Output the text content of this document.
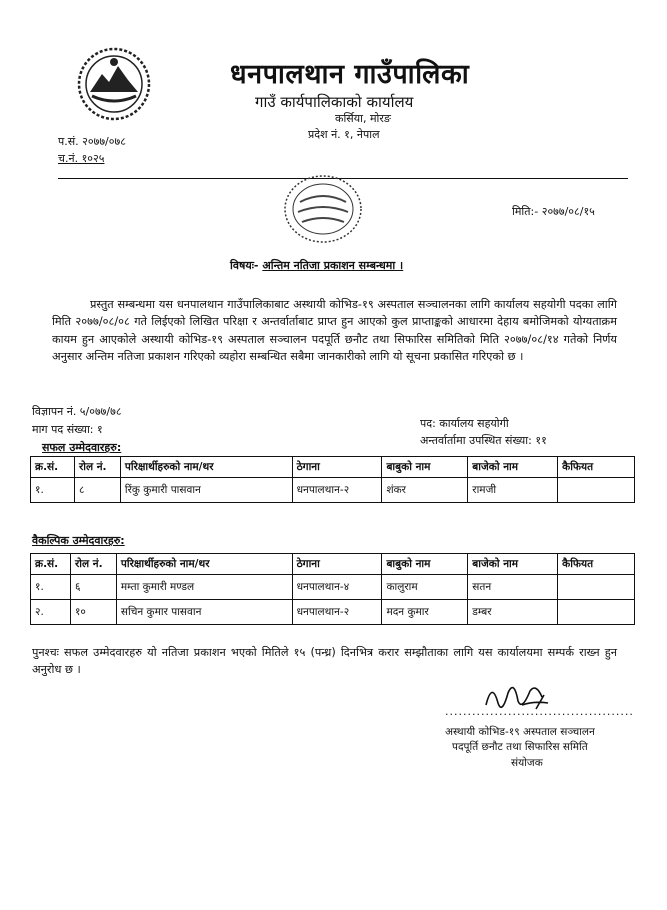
धनपालथान गाउँपालिका
गाउँ कार्यपालिकाको कार्यालय
कर्सिया, मोरङ
प्रदेश नं. १, नेपाल
प.सं. २०७७/०७८
च.नं. १०२५
मिति:- २०७७/०८/१५
विषयः- अन्तिम नतिजा प्रकाशन सम्बन्धमा ।
प्रस्तुत सम्बन्धमा यस धनपालथान गाउँपालिकाबाट अस्थायी कोभिड-१९ अस्पताल सञ्चालनका लागि कार्यालय सहयोगी पदका लागि मिति २०७७/०८/०८ गते लिईएको लिखित परिक्षा र अन्तर्वार्ताबाट प्राप्त हुन आएको कुल प्राप्ताङ्कको आधारमा देहाय बमोजिमको योग्यताक्रम कायम हुन आएकोले अस्थायी कोभिड-१९ अस्पताल सञ्चालन पदपूर्ति छनौट तथा सिफारिस समितिको मिति २०७७/०८/१४ गतेको निर्णय अनुसार अन्तिम नतिजा प्रकाशन गरिएको व्यहोरा सम्बन्धित सबैमा जानकारीको लागि यो सूचना प्रकासित गरिएको छ ।
विज्ञापन नं. ५/०७७/७८
माग पद संख्या: १	पद: कार्यालय सहयोगी
अन्तर्वार्तामा उपस्थित संख्या: ११
सफल उम्मेदवारहरु:
क्र.सं.	रोल नं.	परिक्षार्थीहरुको नाम/थर	ठेगाना	बाबुको नाम	बाजेको नाम	कैफियत
१.	८	रिंकु कुमारी पासवान	धनपालथान-२	शंकर	रामजी	
वैकल्पिक उम्मेदवारहरु:
क्र.सं.	रोल नं.	परिक्षार्थीहरुको नाम/थर	ठेगाना	बाबुको नाम	बाजेको नाम	कैफियत
१.	६	मम्ता कुमारी मण्डल	धनपालथान-४	कालुराम	सतन	
२.	१०	सचिन कुमार पासवान	धनपालथान-२	मदन कुमार	डम्बर	
पुनश्चः सफल उम्मेदवारहरु यो नतिजा प्रकाशन भएको मितिले १५ (पन्ध्र) दिनभित्र करार सम्झौताका लागि यस कार्यालयमा सम्पर्क राख्न हुन अनुरोध छ ।
..........................................
अस्थायी कोभिड-१९ अस्पताल सञ्चालन
पदपूर्ति छनौट तथा सिफारिस समिति
संयोजक
